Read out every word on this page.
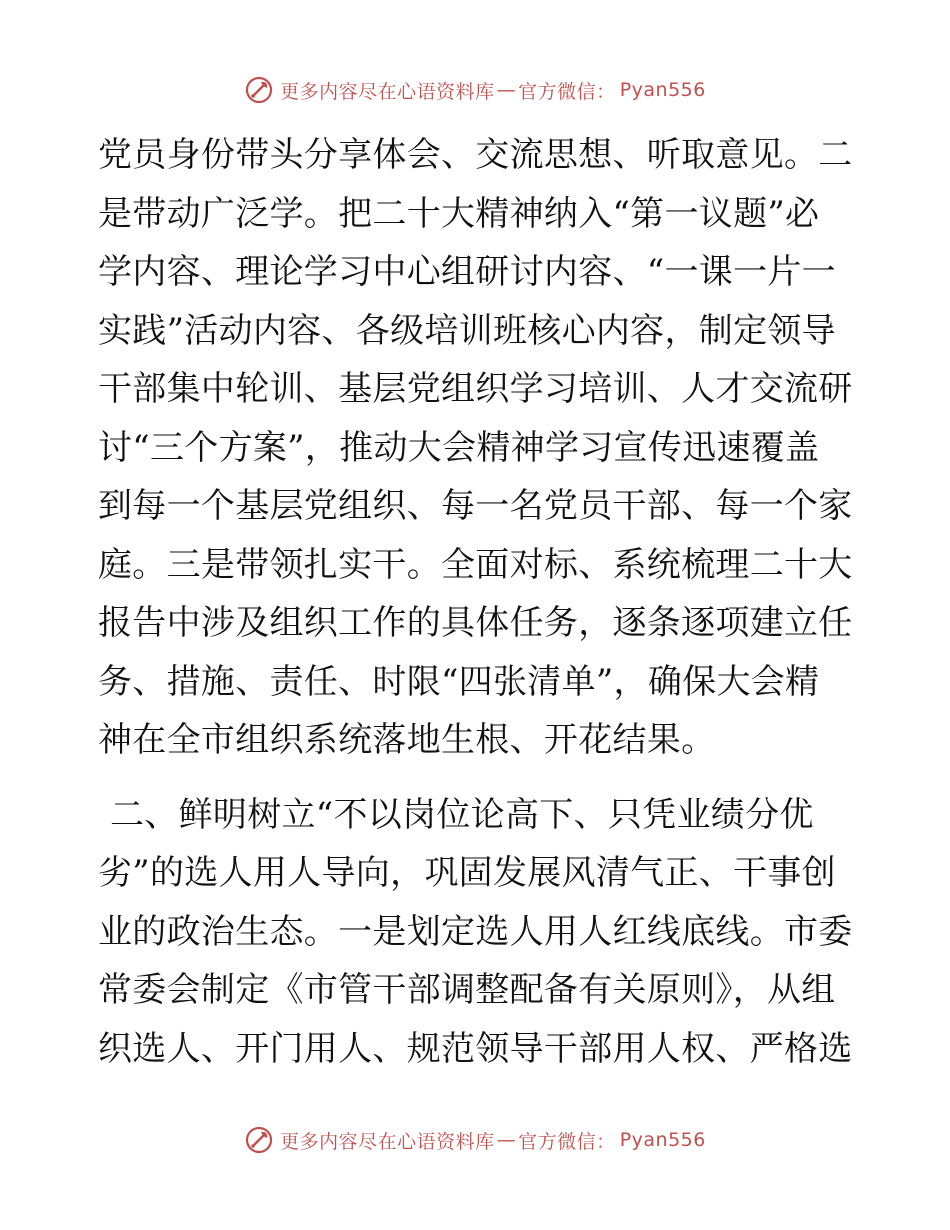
更多内容尽在心语资料库 — 官方微信： Pyan556
党员身份带头分享体会、交流思想、听取意见。二
是带动广泛学。把二十大精神纳入“第一议题”必
学内容、理论学习中心组研讨内容、“一课一片一
实践”活动内容、各级培训班核心内容，制定领导
干部集中轮训、基层党组织学习培训、人才交流研
讨“三个方案”，推动大会精神学习宣传迅速覆盖
到每一个基层党组织、每一名党员干部、每一个家
庭。三是带领扎实干。全面对标、系统梳理二十大
报告中涉及组织工作的具体任务，逐条逐项建立任
务、措施、责任、时限“四张清单”，确保大会精
神在全市组织系统落地生根、开花结果。
二、鲜明树立“不以岗位论高下、只凭业绩分优
劣”的选人用人导向，巩固发展风清气正、干事创
业的政治生态。一是划定选人用人红线底线。市委
常委会制定《市管干部调整配备有关原则》，从组
织选人、开门用人、规范领导干部用人权、严格选
更多内容尽在心语资料库 — 官方微信： Pyan556
